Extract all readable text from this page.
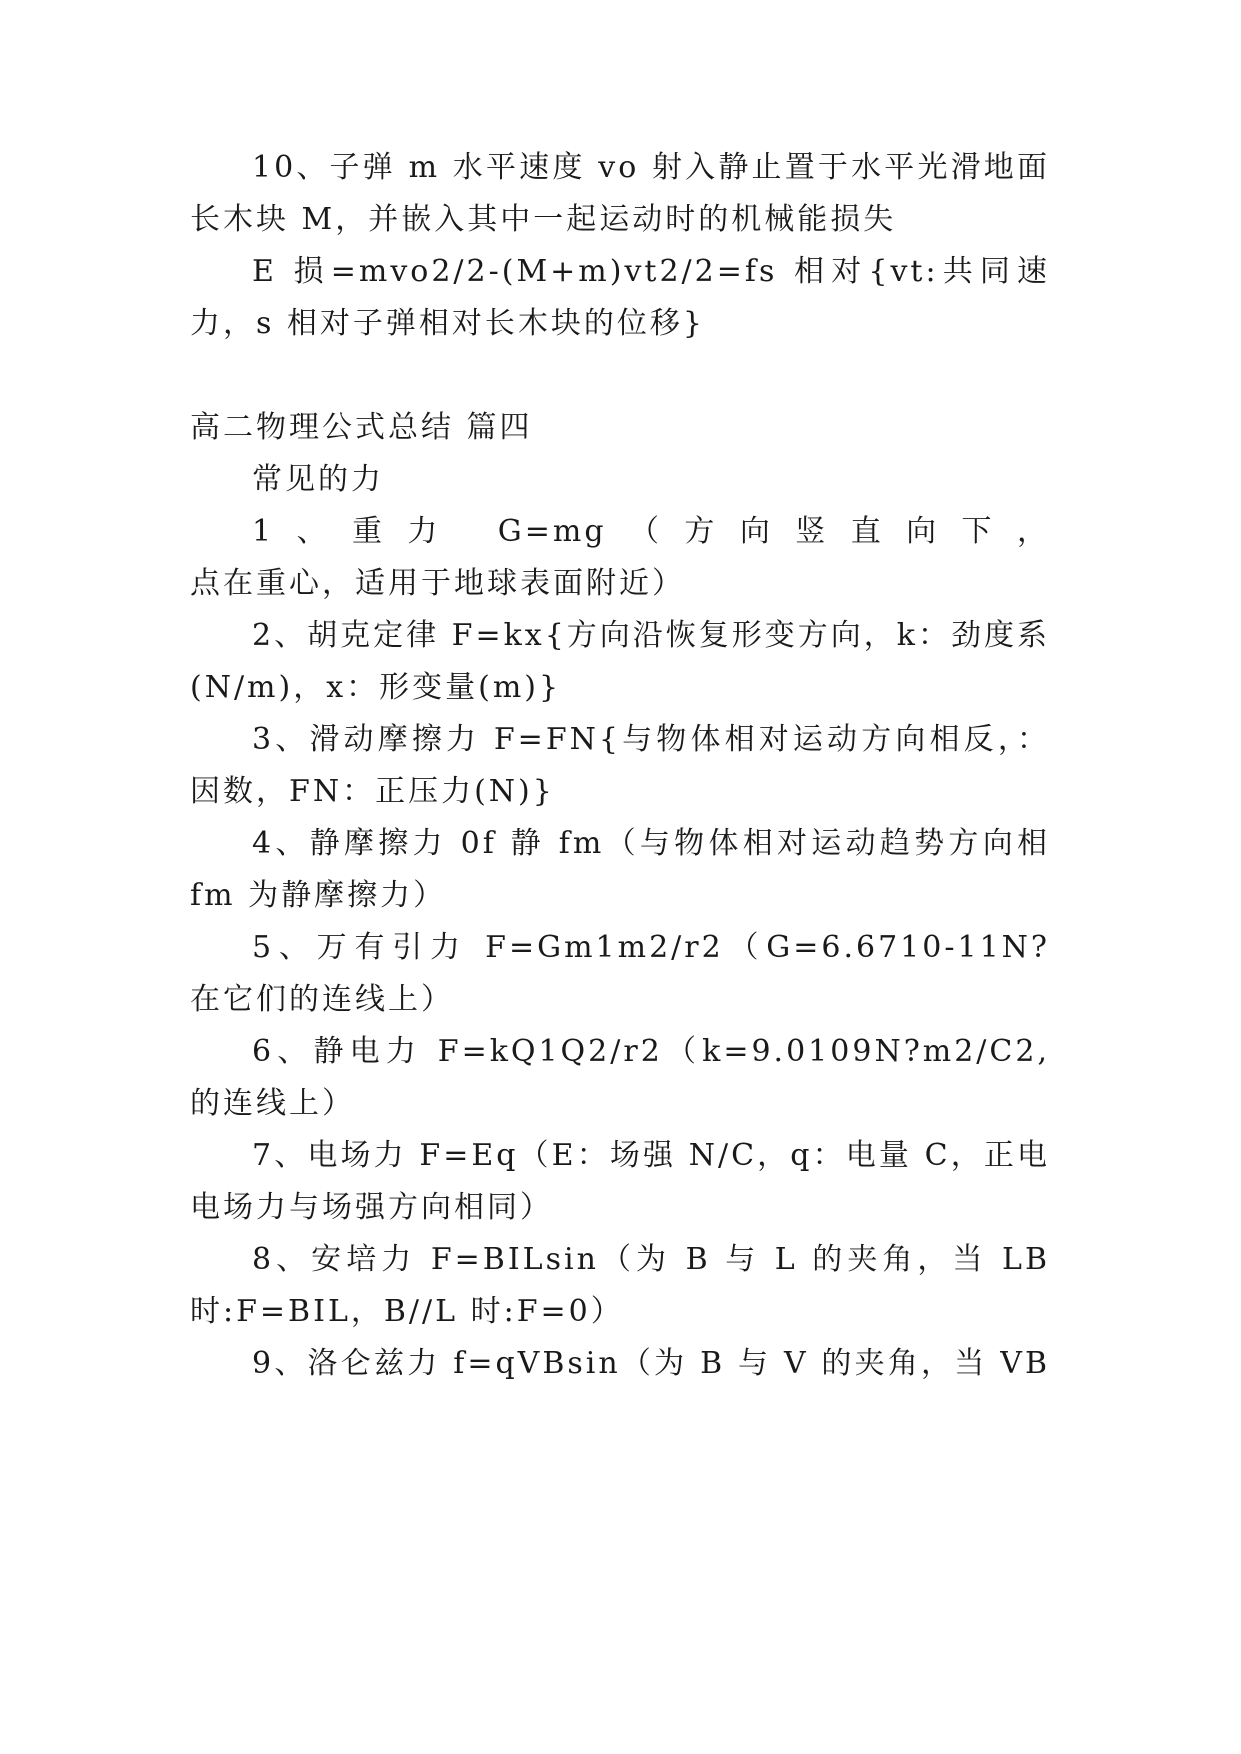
10、子弹 m 水平速度 vo 射入静止置于水平光滑地面
长木块 M，并嵌入其中一起运动时的机械能损失
E 损=mvo2/2-(M+m)vt2/2=fs 相对{vt:共同速
力，s 相对子弹相对长木块的位移}
高二物理公式总结 篇四
常见的力
1、重力 G=mg（方向竖直向下，
点在重心，适用于地球表面附近）
2、胡克定律 F=kx{方向沿恢复形变方向，k：劲度系
(N/m)，x：形变量(m)}
3、滑动摩擦力 F=FN{与物体相对运动方向相反，：
因数，FN：正压力(N)}
4、静摩擦力 0f 静 fm（与物体相对运动趋势方向相
fm 为静摩擦力）
5、万有引力 F=Gm1m2/r2（G=6.6710-11N?
在它们的连线上）
6、静电力 F=kQ1Q2/r2（k=9.0109N?m2/C2,
的连线上）
7、电场力 F=Eq（E：场强 N/C，q：电量 C，正电
电场力与场强方向相同）
8、安培力 F=BILsin（为 B 与 L 的夹角，当 LB
时:F=BIL，B//L 时:F=0）
9、洛仑兹力 f=qVBsin（为 B 与 V 的夹角，当 VB
